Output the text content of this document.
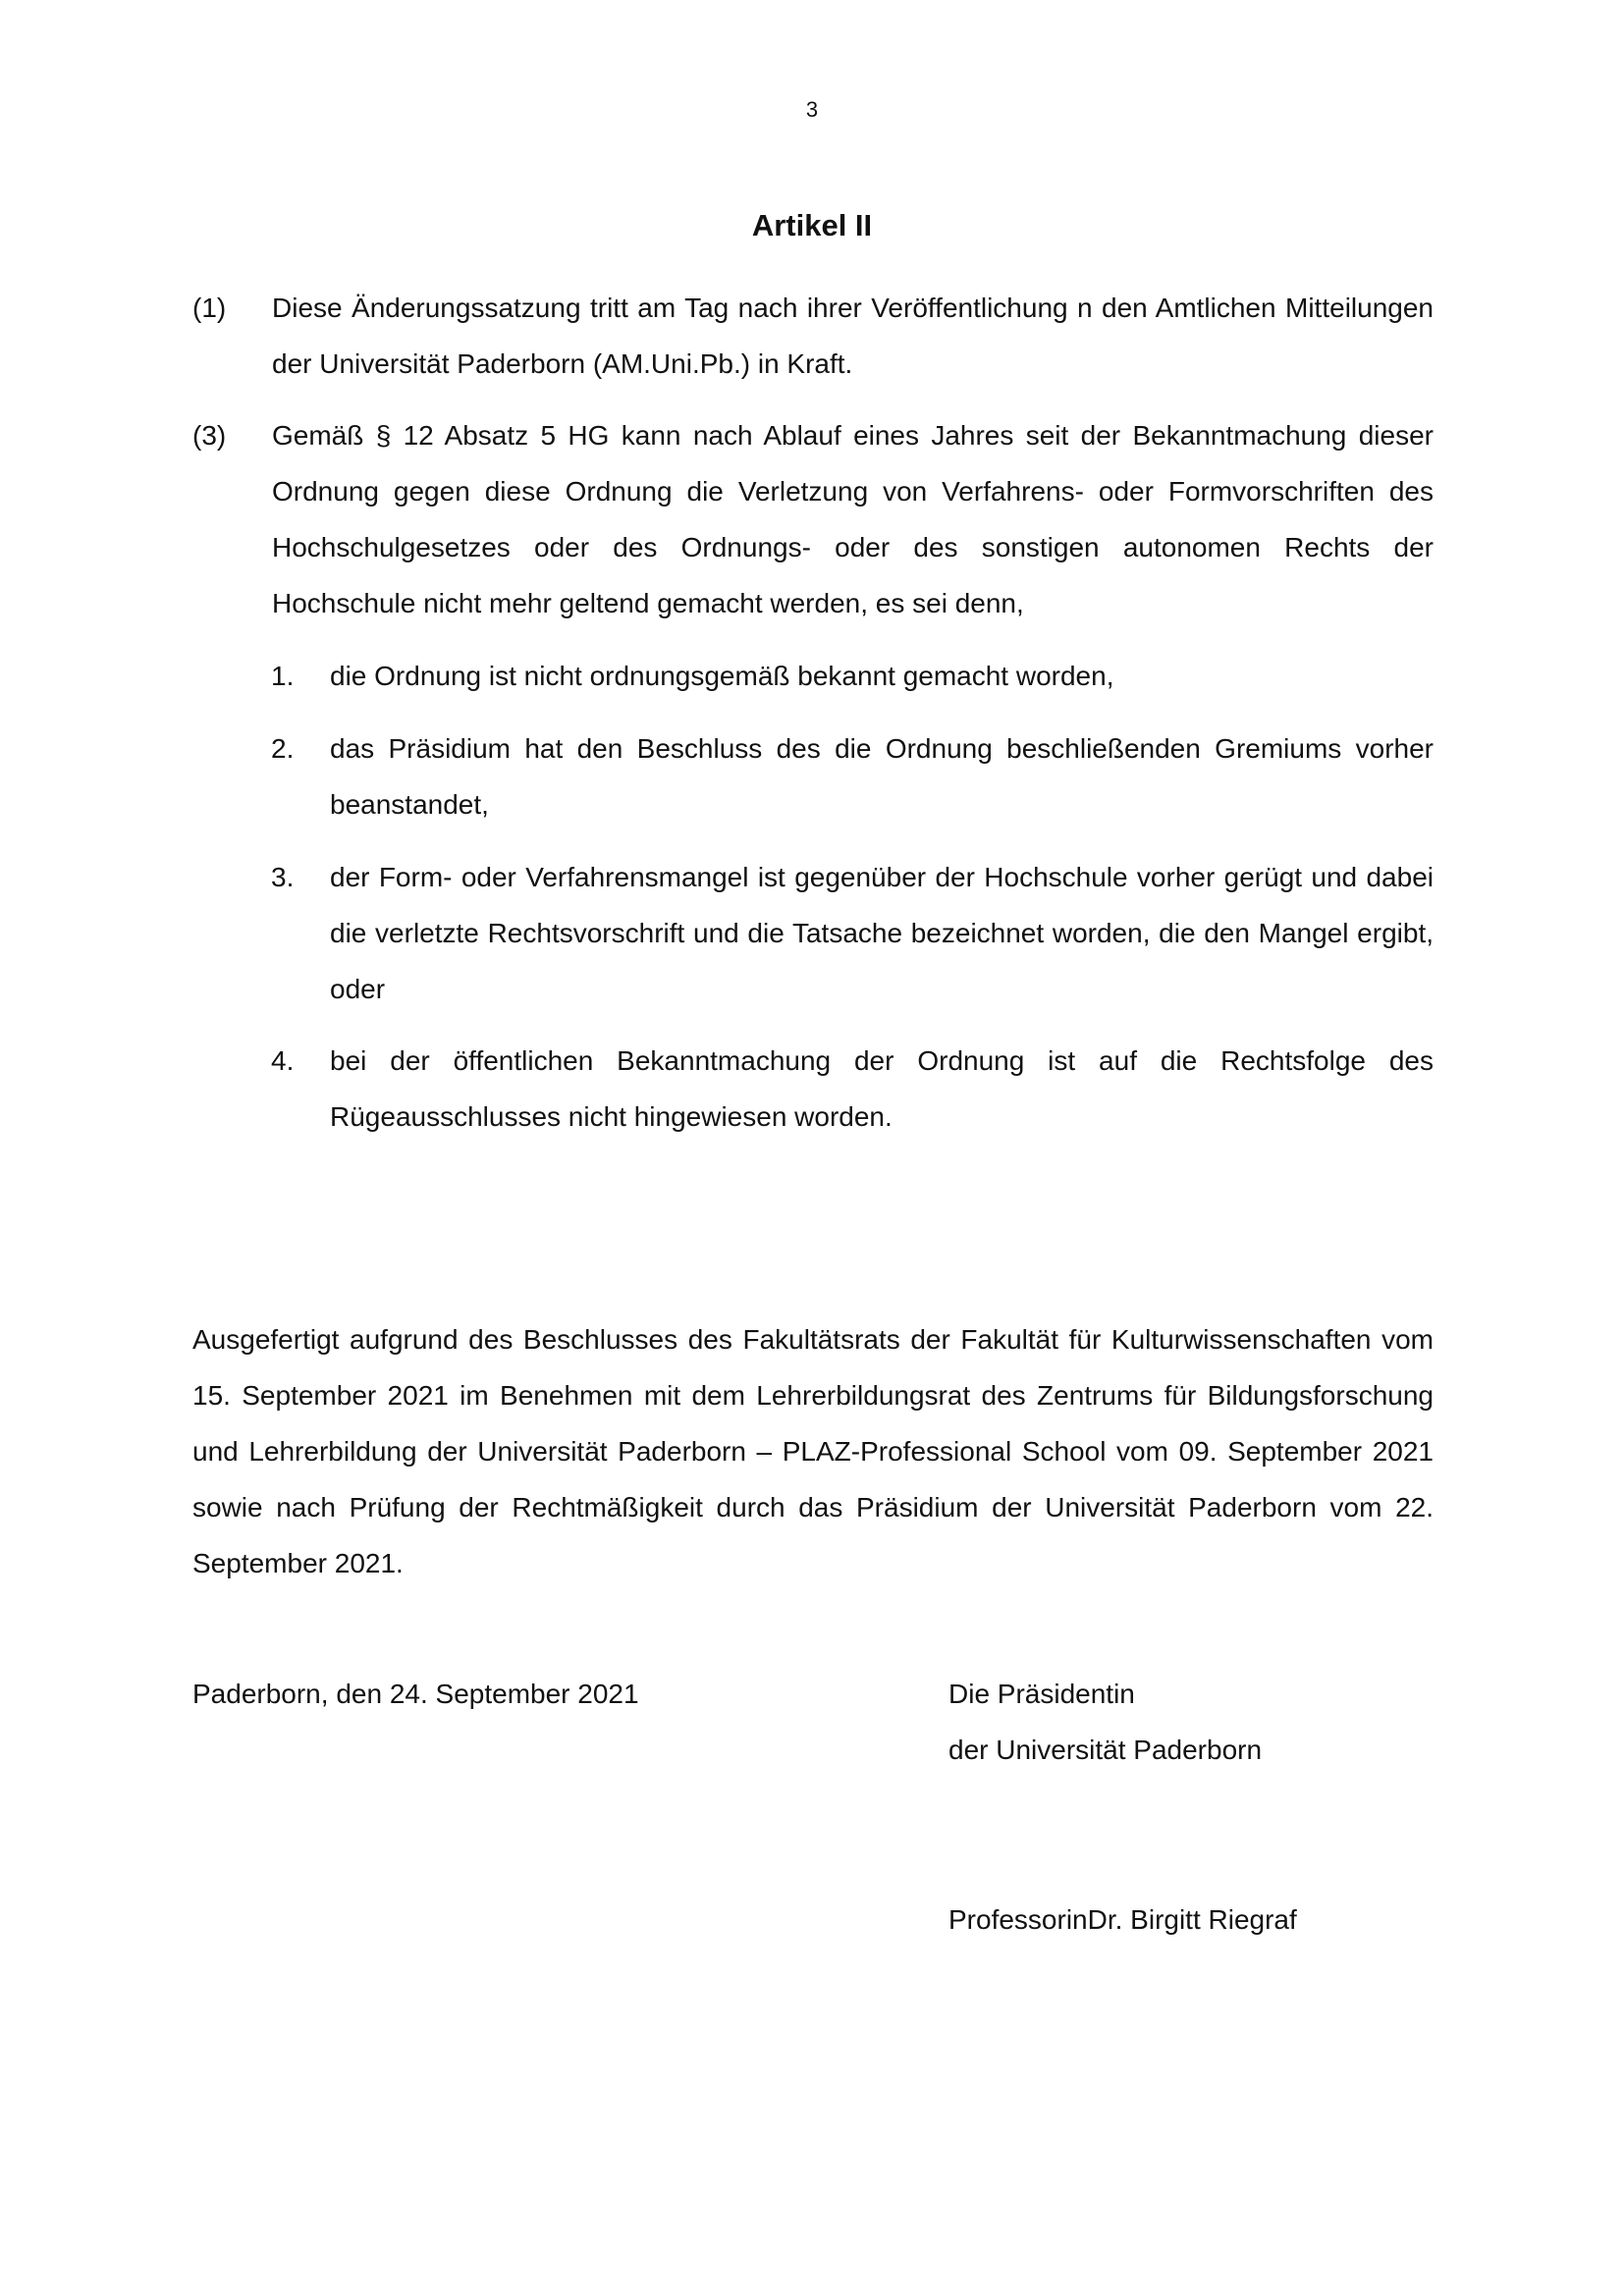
3
Artikel II
(1) Diese Änderungssatzung tritt am Tag nach ihrer Veröffentlichung n den Amtlichen Mitteilungen der Universität Paderborn (AM.Uni.Pb.) in Kraft.
(3) Gemäß § 12 Absatz 5 HG kann nach Ablauf eines Jahres seit der Bekanntmachung dieser Ordnung gegen diese Ordnung die Verletzung von Verfahrens- oder Formvorschriften des Hochschulgesetzes oder des Ordnungs- oder des sonstigen autonomen Rechts der Hochschule nicht mehr geltend gemacht werden, es sei denn,
1. die Ordnung ist nicht ordnungsgemäß bekannt gemacht worden,
2. das Präsidium hat den Beschluss des die Ordnung beschließenden Gremiums vorher beanstandet,
3. der Form- oder Verfahrensmangel ist gegenüber der Hochschule vorher gerügt und dabei die verletzte Rechtsvorschrift und die Tatsache bezeichnet worden, die den Mangel ergibt, oder
4. bei der öffentlichen Bekanntmachung der Ordnung ist auf die Rechtsfolge des Rügeausschlusses nicht hingewiesen worden.
Ausgefertigt aufgrund des Beschlusses des Fakultätsrats der Fakultät für Kulturwissenschaften vom 15. September 2021 im Benehmen mit dem Lehrerbildungsrat des Zentrums für Bildungsforschung und Lehrerbildung der Universität Paderborn – PLAZ-Professional School vom 09. September 2021 sowie nach Prüfung der Rechtmäßigkeit durch das Präsidium der Universität Paderborn vom 22. September 2021.
Paderborn, den 24. September 2021	Die Präsidentin
der Universität Paderborn
ProfessorinDr. Birgitt Riegraf
